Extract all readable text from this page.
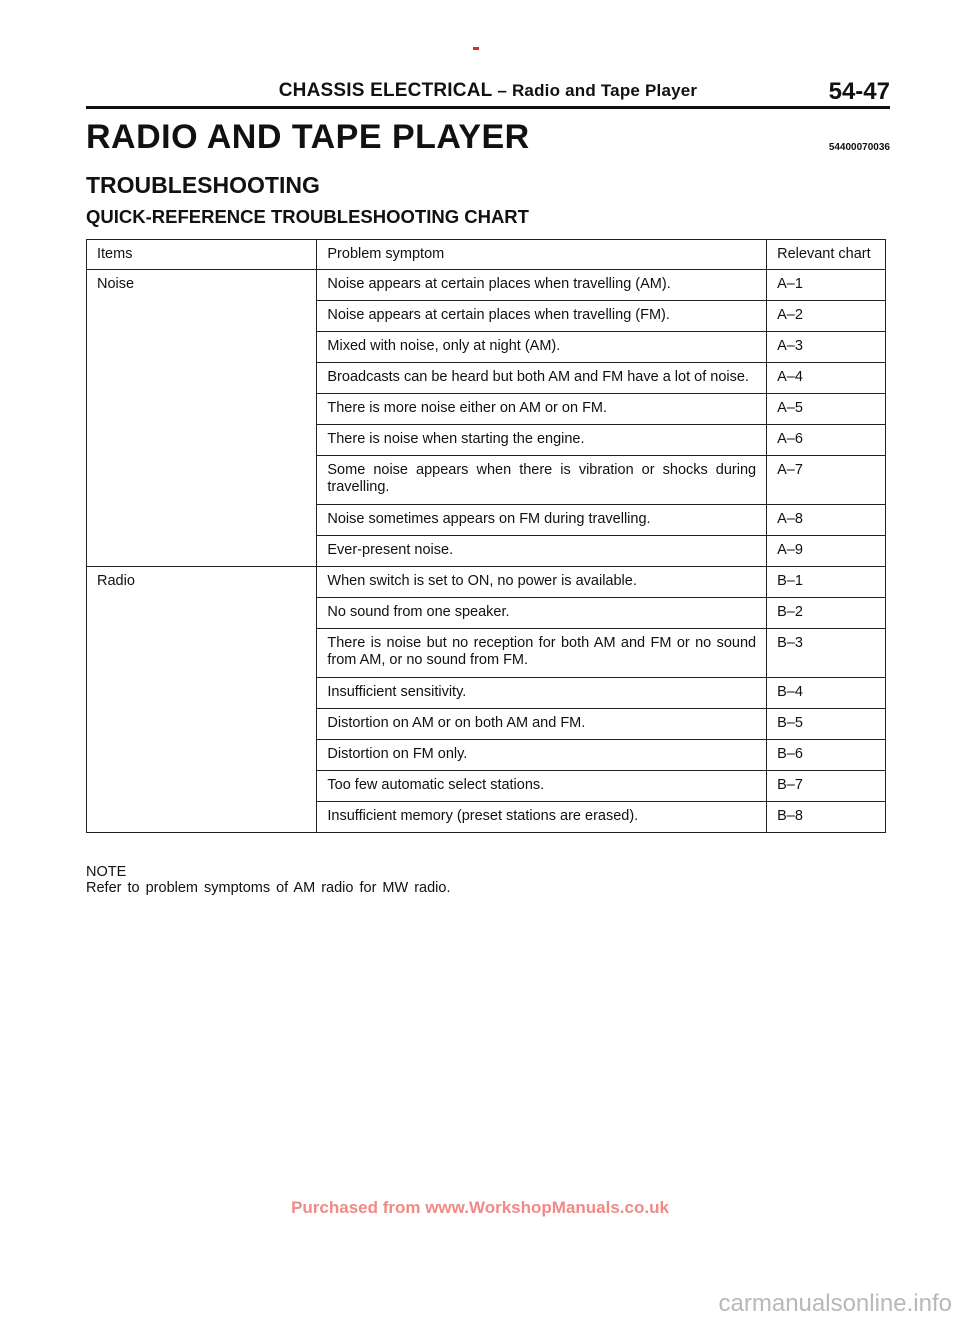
CHASSIS ELECTRICAL – Radio and Tape Player	54-47
RADIO AND TAPE PLAYER	54400070036
TROUBLESHOOTING
QUICK-REFERENCE TROUBLESHOOTING CHART
Items	Problem symptom	Relevant chart
Noise	Noise appears at certain places when travelling (AM).	A–1
	Noise appears at certain places when travelling (FM).	A–2
	Mixed with noise, only at night (AM).	A–3
	Broadcasts can be heard but both AM and FM have a lot of noise.	A–4
	There is more noise either on AM or on FM.	A–5
	There is noise when starting the engine.	A–6
	Some noise appears when there is vibration or shocks during travelling.	A–7
	Noise sometimes appears on FM during travelling.	A–8
	Ever-present noise.	A–9
Radio	When switch is set to ON, no power is available.	B–1
	No sound from one speaker.	B–2
	There is noise but no reception for both AM and FM or no sound from AM, or no sound from FM.	B–3
	Insufficient sensitivity.	B–4
	Distortion on AM or on both AM and FM.	B–5
	Distortion on FM only.	B–6
	Too few automatic select stations.	B–7
	Insufficient memory (preset stations are erased).	B–8
NOTE
Refer to problem symptoms of AM radio for MW radio.
Purchased from www.WorkshopManuals.co.uk
carmanualsonline.info
